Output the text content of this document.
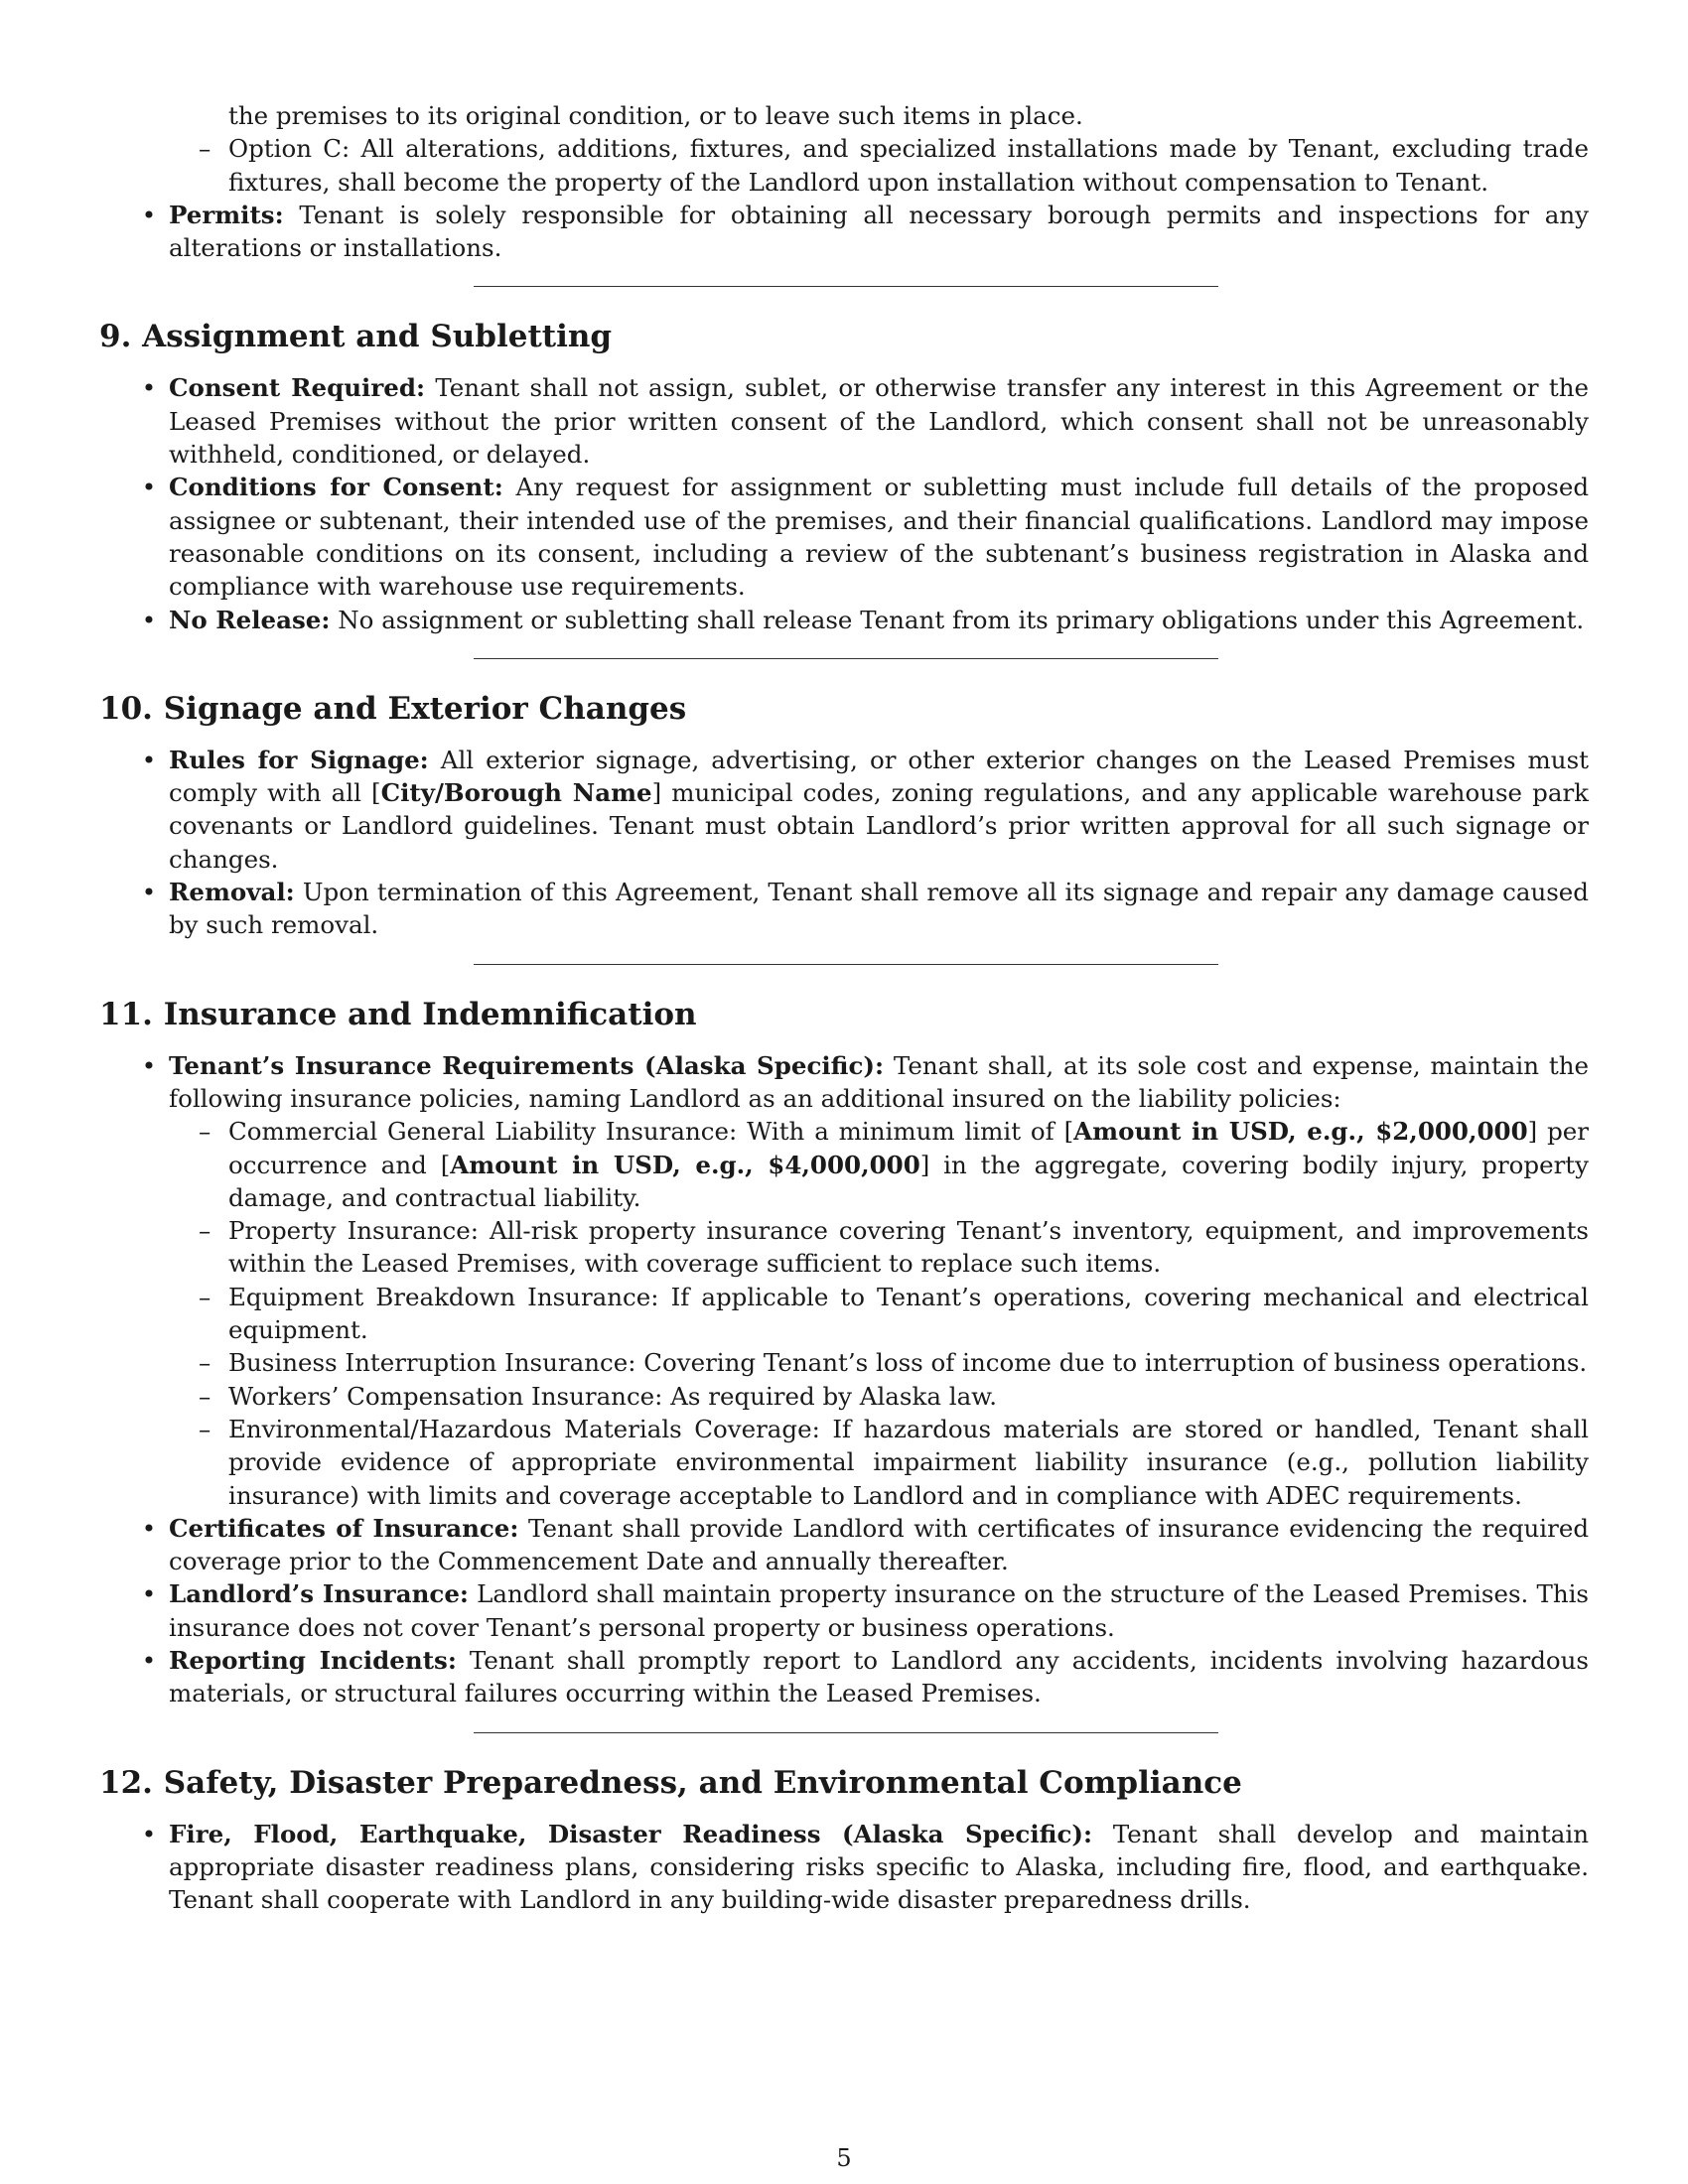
the premises to its original condition, or to leave such items in place.
– Option C: All alterations, additions, fixtures, and specialized installations made by Tenant, excluding trade fixtures, shall become the property of the Landlord upon installation without compensation to Tenant.
• Permits: Tenant is solely responsible for obtaining all necessary borough permits and inspections for any alterations or installations.
9. Assignment and Subletting
• Consent Required: Tenant shall not assign, sublet, or otherwise transfer any interest in this Agreement or the Leased Premises without the prior written consent of the Landlord, which consent shall not be unreasonably withheld, conditioned, or delayed.
• Conditions for Consent: Any request for assignment or subletting must include full details of the proposed assignee or subtenant, their intended use of the premises, and their financial qualifications. Landlord may impose reasonable conditions on its consent, including a review of the subtenant’s business registration in Alaska and compliance with warehouse use requirements.
• No Release: No assignment or subletting shall release Tenant from its primary obligations under this Agreement.
10. Signage and Exterior Changes
• Rules for Signage: All exterior signage, advertising, or other exterior changes on the Leased Premises must comply with all [City/Borough Name] municipal codes, zoning regulations, and any applicable warehouse park covenants or Landlord guidelines. Tenant must obtain Landlord’s prior written approval for all such signage or changes.
• Removal: Upon termination of this Agreement, Tenant shall remove all its signage and repair any damage caused by such removal.
11. Insurance and Indemnification
• Tenant’s Insurance Requirements (Alaska Specific): Tenant shall, at its sole cost and expense, maintain the following insurance policies, naming Landlord as an additional insured on the liability policies:
– Commercial General Liability Insurance: With a minimum limit of [Amount in USD, e.g., $2,000,000] per occurrence and [Amount in USD, e.g., $4,000,000] in the aggregate, covering bodily injury, property damage, and contractual liability.
– Property Insurance: All-risk property insurance covering Tenant’s inventory, equipment, and improvements within the Leased Premises, with coverage sufficient to replace such items.
– Equipment Breakdown Insurance: If applicable to Tenant’s operations, covering mechanical and electrical equipment.
– Business Interruption Insurance: Covering Tenant’s loss of income due to interruption of business operations.
– Workers’ Compensation Insurance: As required by Alaska law.
– Environmental/Hazardous Materials Coverage: If hazardous materials are stored or handled, Tenant shall provide evidence of appropriate environmental impairment liability insurance (e.g., pollution liability insurance) with limits and coverage acceptable to Landlord and in compliance with ADEC requirements.
• Certificates of Insurance: Tenant shall provide Landlord with certificates of insurance evidencing the required coverage prior to the Commencement Date and annually thereafter.
• Landlord’s Insurance: Landlord shall maintain property insurance on the structure of the Leased Premises. This insurance does not cover Tenant’s personal property or business operations.
• Reporting Incidents: Tenant shall promptly report to Landlord any accidents, incidents involving hazardous materials, or structural failures occurring within the Leased Premises.
12. Safety, Disaster Preparedness, and Environmental Compliance
• Fire, Flood, Earthquake, Disaster Readiness (Alaska Specific): Tenant shall develop and maintain appropriate disaster readiness plans, considering risks specific to Alaska, including fire, flood, and earthquake. Tenant shall cooperate with Landlord in any building-wide disaster preparedness drills.
5
